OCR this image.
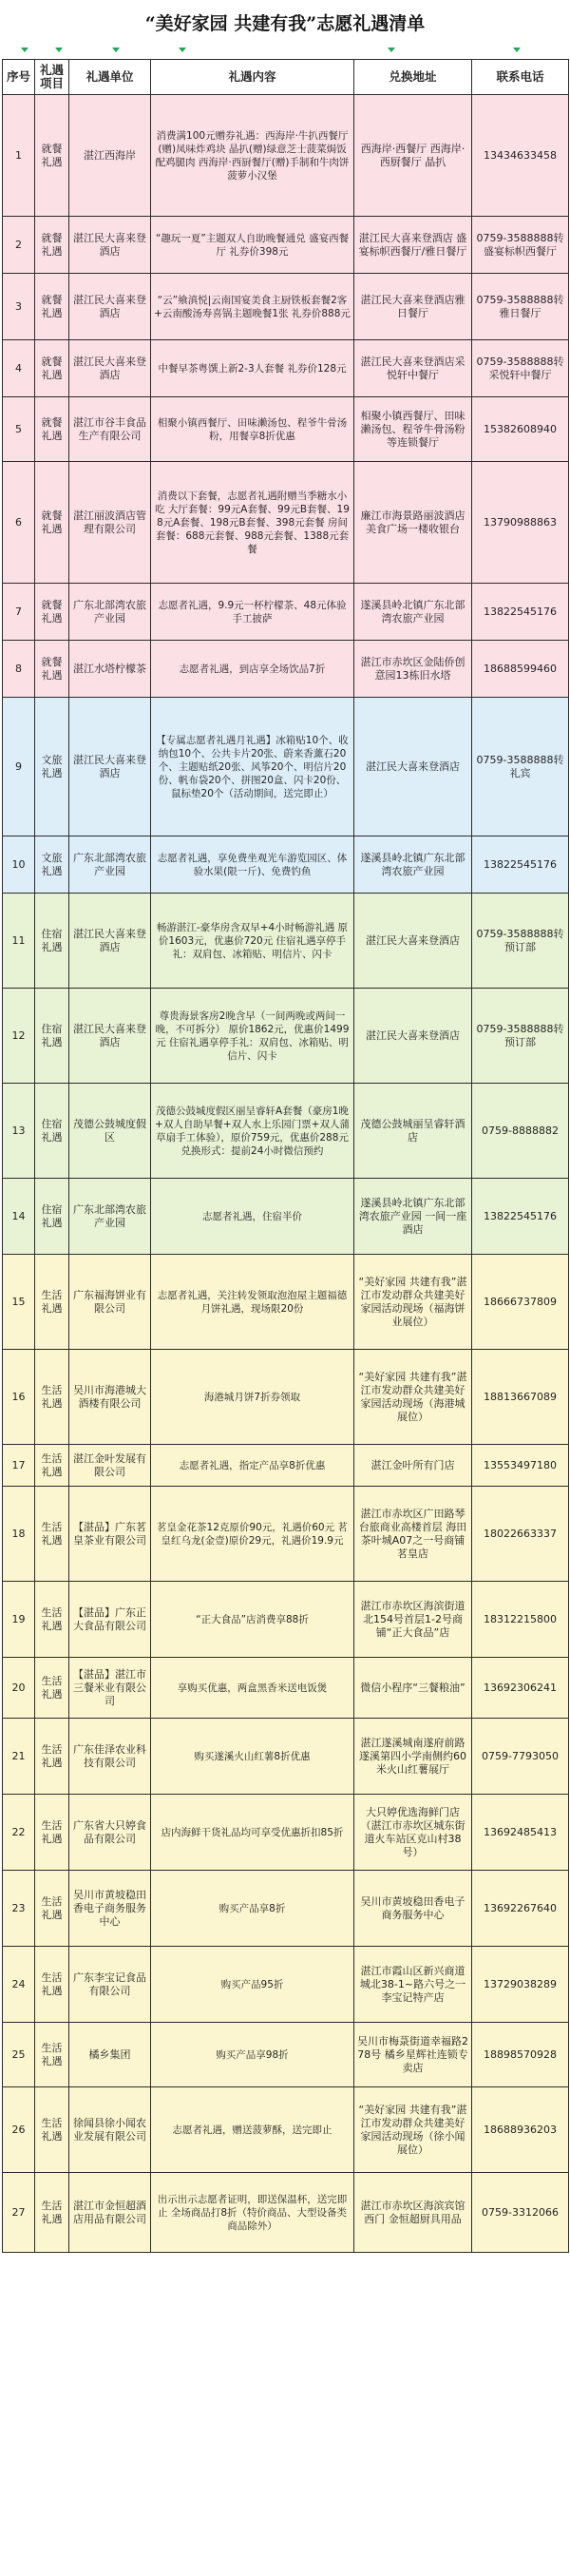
“美好家园 共建有我”志愿礼遇清单
序号	礼遇项目	礼遇单位	礼遇内容	兑换地址	联系电话
1	就餐礼遇	湛江西海岸	消费满100元赠券礼遇：西海岸·牛扒西餐厅(赠)凤味炸鸡块 晶扒(赠)绿意芝士菠菜焗饭配鸡腿肉 西海岸·西厨餐厅(赠)手制和牛肉饼菠萝小汉堡	西海岸·西餐厅 西海岸·西厨餐厅 晶扒	13434633458
2	就餐礼遇	湛江民大喜来登酒店	“趣玩一夏”主题双人自助晚餐通兑 盛宴西餐厅 礼券价398元	湛江民大喜来登酒店 盛宴标帜西餐厅/雅日餐厅	0759-3588888转盛宴标帜西餐厅
3	就餐礼遇	湛江民大喜来登酒店	“云”飨滇悦|云南国宴美食主厨铁板套餐2客+云南酸汤寿喜锅主题晚餐1张 礼券价888元	湛江民大喜来登酒店雅日餐厅	0759-3588888转雅日餐厅
4	就餐礼遇	湛江民大喜来登酒店	中餐早茶粤馔上新2-3人套餐 礼券价128元	湛江民大喜来登酒店采悦轩中餐厅	0759-3588888转采悦轩中餐厅
5	就餐礼遇	湛江市谷丰食品生产有限公司	相聚小镇西餐厅、田味濑汤包、程爷牛骨汤粉，用餐享8折优惠	相聚小镇西餐厅、田味濑汤包、程爷牛骨汤粉等连锁餐厅	15382608940
6	就餐礼遇	湛江丽波酒店管理有限公司	消费以下套餐，志愿者礼遇附赠当季糖水小吃 大厅套餐：99元A套餐、99元B套餐、198元A套餐、198元B套餐、398元套餐 房间套餐：688元套餐、988元套餐、1388元套餐	廉江市海景路丽波酒店 美食广场一楼收银台	13790988863
7	就餐礼遇	广东北部湾农旅产业园	志愿者礼遇，9.9元一杯柠檬茶、48元体验手工披萨	遂溪县岭北镇广东北部湾农旅产业园	13822545176
8	就餐礼遇	湛江水塔柠檬茶	志愿者礼遇，到店享全场饮品7折	湛江市赤坎区金陆侨创意园13栋旧水塔	18688599460
9	文旅礼遇	湛江民大喜来登酒店	【专属志愿者礼遇月礼遇】冰箱贴10个、收纳包10个、公共卡片20张、蔚来香薰石20个、主题贴纸20张、风筝20个、明信片20份、帆布袋20个、拼图20盒、闪卡20份、鼠标垫20个（活动期间，送完即止）	湛江民大喜来登酒店	0759-3588888转礼宾
10	文旅礼遇	广东北部湾农旅产业园	志愿者礼遇，享免费坐观光车游览园区、体验水果(限一斤)、免费钓鱼	遂溪县岭北镇广东北部湾农旅产业园	13822545176
11	住宿礼遇	湛江民大喜来登酒店	畅游湛江-豪华房含双早+4小时畅游礼遇 原价1603元，优惠价720元 住宿礼遇享停手礼：双肩包、冰箱贴、明信片、闪卡	湛江民大喜来登酒店	0759-3588888转预订部
12	住宿礼遇	湛江民大喜来登酒店	尊贵海景客房2晚含早（一间两晚或两间一晚，不可拆分） 原价1862元，优惠价1499元 住宿礼遇享停手礼：双肩包、冰箱贴、明信片、闪卡	湛江民大喜来登酒店	0759-3588888转预订部
13	住宿礼遇	茂德公鼓城度假区	茂德公鼓城度假区丽呈睿轩A套餐（豪房1晚+双人自助早餐+双人水上乐园门票+双人蒲草扇手工体验），原价759元，优惠价288元兑换形式：提前24小时微信预约	茂德公鼓城丽呈睿轩酒店	0759-8888882
14	住宿礼遇	广东北部湾农旅产业园	志愿者礼遇，住宿半价	遂溪县岭北镇广东北部湾农旅产业园 一间一座酒店	13822545176
15	生活礼遇	广东福海饼业有限公司	志愿者礼遇，关注转发领取泡泡屋主题福德月饼礼遇，现场限20份	“美好家园 共建有我”湛江市发动群众共建美好家园活动现场（福海饼业展位）	18666737809
16	生活礼遇	吴川市海港城大酒楼有限公司	海港城月饼7折券领取	“美好家园 共建有我”湛江市发动群众共建美好家园活动现场（海港城展位）	18813667089
17	生活礼遇	湛江金叶发展有限公司	志愿者礼遇，指定产品享8折优惠	湛江金叶所有门店	13553497180
18	生活礼遇	【湛品】广东茗皇茶业有限公司	茗皇金花茶12克原价90元，礼遇价60元 茗皇红乌龙(金壹)原价29元，礼遇价19.9元	湛江市赤坎区广田路琴台旅商业高楼首层 海田茶叶城A07之一号商铺茗皇店	18022663337
19	生活礼遇	【湛品】广东正大食品有限公司	“正大食品”店消费享88折	湛江市赤坎区海滨街道北154号首层1-2号商铺“正大食品”店	18312215800
20	生活礼遇	【湛品】湛江市三餐米业有限公司	享购买优惠，两盒黑香米送电饭煲	微信小程序“三餐粮油”	13692306241
21	生活礼遇	广东佳泽农业科技有限公司	购买遂溪火山红薯8折优惠	湛江遂溪城南遂府前路遂溪第四小学南侧约60米火山红薯展厅	0759-7793050
22	生活礼遇	广东省大只婷食品有限公司	店内海鲜干货礼品均可享受优惠折扣85折	大只婷优选海鲜门店（湛江市赤坎区城东街道火车站区克山村38号）	13692485413
23	生活礼遇	吴川市黄坡稳田香电子商务服务中心	购买产品享8折	吴川市黄坡稳田香电子商务服务中心	13692267640
24	生活礼遇	广东李宝记食品有限公司	购买产品95折	湛江市霞山区新兴商道城北38-1~路六号之一李宝记特产店	13729038289
25	生活礼遇	橘乡集团	购买产品享98折	吴川市梅菉街道幸福路278号 橘乡星辉社连锁专卖店	18898570928
26	生活礼遇	徐闻县徐小闻农业发展有限公司	志愿者礼遇，赠送菠萝酥，送完即止	“美好家园 共建有我”湛江市发动群众共建美好家园活动现场（徐小闻展位）	18688936203
27	生活礼遇	湛江市金恒超酒店用品有限公司	出示出示志愿者证明，即送保温杯，送完即止 全场商品打8折（特价商品、大型设备类商品除外）	湛江市赤坎区海滨宾馆西门 金恒超厨具用品	0759-3312066
